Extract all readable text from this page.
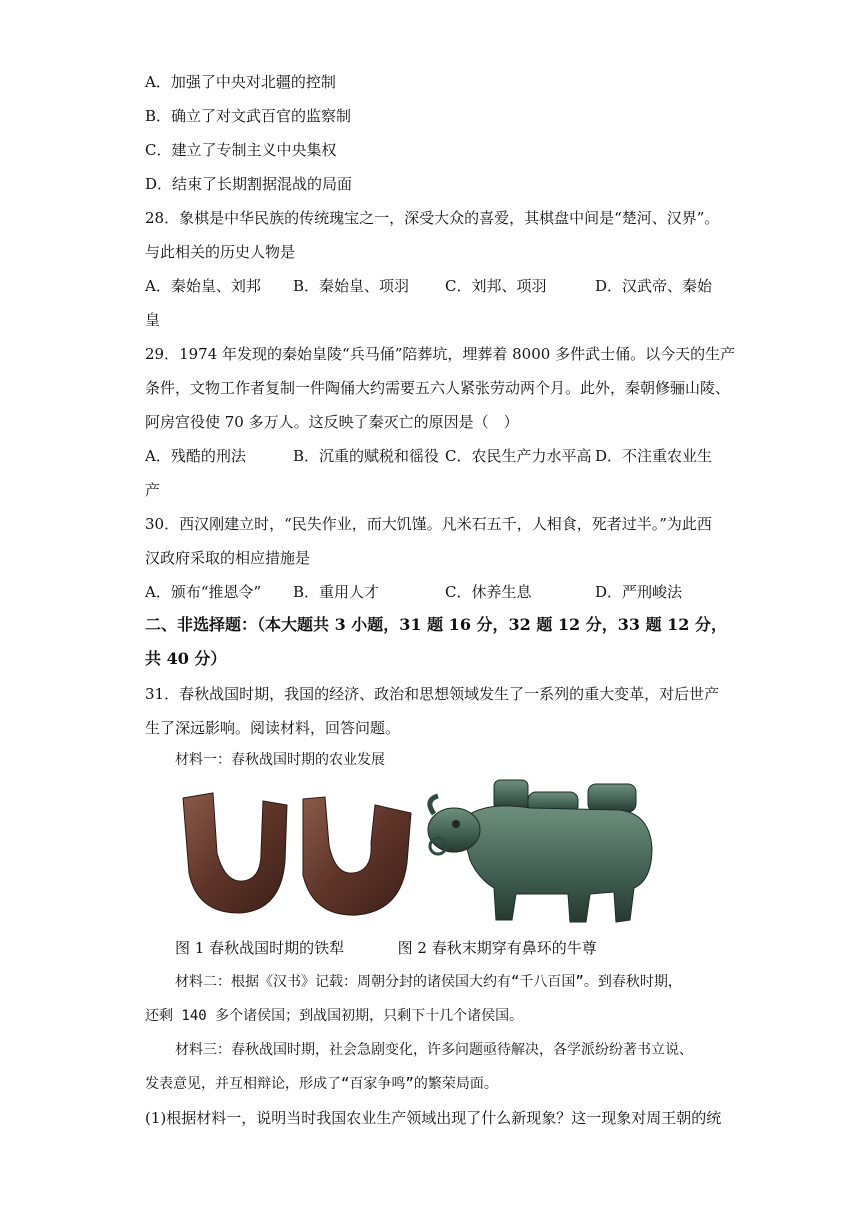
A．加强了中央对北疆的控制
B．确立了对文武百官的监察制
C．建立了专制主义中央集权
D．结束了长期割据混战的局面
28．象棋是中华民族的传统瑰宝之一，深受大众的喜爱，其棋盘中间是“楚河、汉界”。
与此相关的历史人物是
A．秦始皇、刘邦 B．秦始皇、项羽 C．刘邦、项羽	D．汉武帝、秦始
皇
29．1974 年发现的秦始皇陵“兵马俑”陪葬坑，埋葬着 8000 多件武士俑。以今天的生产
条件，文物工作者复制一件陶俑大约需要五六人紧张劳动两个月。此外，秦朝修骊山陵、
阿房宫役使 70 多万人。这反映了秦灭亡的原因是（　）
A．残酷的刑法	B．沉重的赋税和徭役 C．农民生产力水平高 D．不注重农业生
产
30．西汉刚建立时，“民失作业，而大饥馑。凡米石五千，人相食，死者过半。”为此西
汉政府采取的相应措施是
A．颁布“推恩令” B．重用人才	C．休养生息	D．严刑峻法
二、非选择题：（本大题共 3 小题，31 题 16 分，32 题 12 分，33 题 12 分，
共 40 分）
31．春秋战国时期，我国的经济、政治和思想领域发生了一系列的重大变革，对后世产
生了深远影响。阅读材料，回答问题。
材料一：春秋战国时期的农业发展
图 1 春秋战国时期的铁犁	图 2 春秋末期穿有鼻环的牛尊
材料二：根据《汉书》记载：周朝分封的诸侯国大约有“千八百国”。到春秋时期，
还剩 140 多个诸侯国；到战国初期，只剩下十几个诸侯国。
材料三：春秋战国时期，社会急剧变化，许多问题亟待解决，各学派纷纷著书立说、
发表意见，并互相辩论，形成了“百家争鸣”的繁荣局面。
(1)根据材料一，说明当时我国农业生产领域出现了什么新现象？这一现象对周王朝的统
